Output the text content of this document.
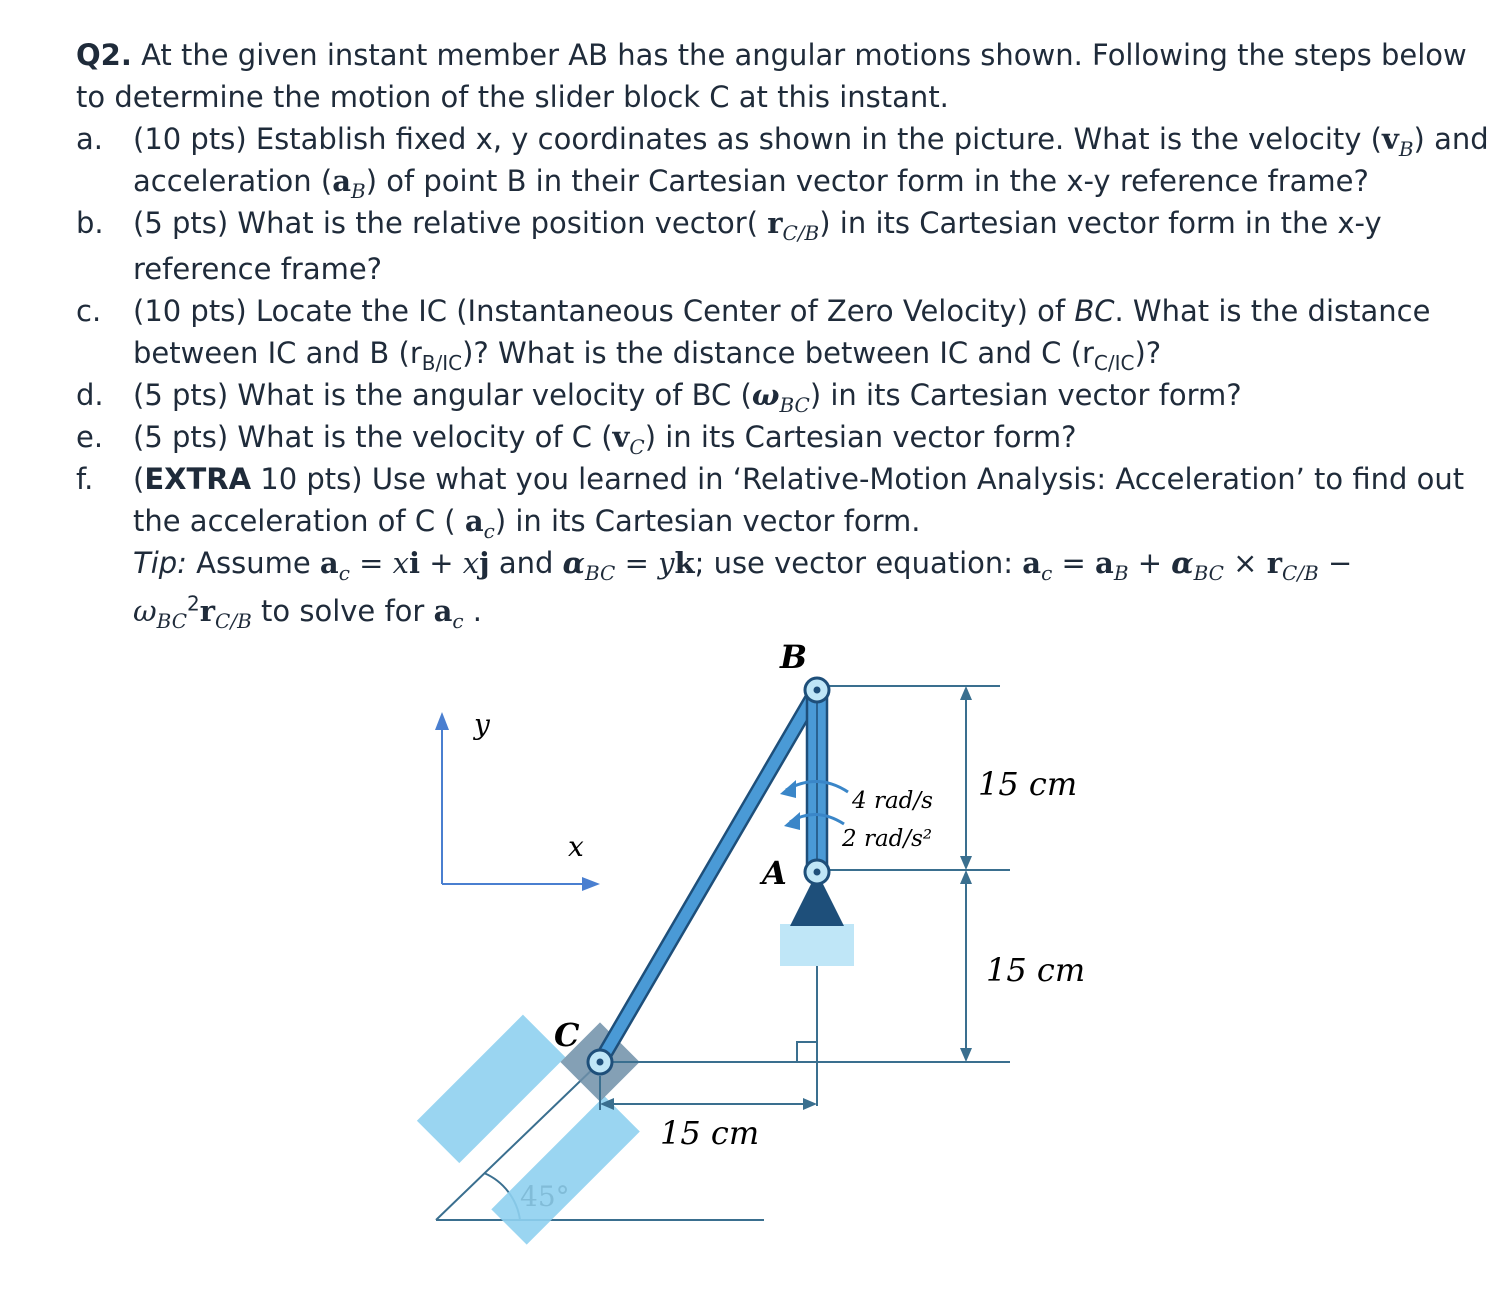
Q2. At the given instant member AB has the angular motions shown. Following the steps below
to determine the motion of the slider block C at this instant.
a. (10 pts) Establish fixed x, y coordinates as shown in the picture. What is the velocity $(v_B)$ and
acceleration $(a_B)$ of point B in their Cartesian vector form in the x-y reference frame?
b. (5 pts) What is the relative position vector( $r_{C/B}$) in its Cartesian vector form in the x-y
reference frame?
c. (10 pts) Locate the IC (Instantaneous Center of Zero Velocity) of BC. What is the distance
between IC and B $(r_{B/IC})$? What is the distance between IC and C $(r_{C/IC})$?
d. (5 pts) What is the angular velocity of BC $(\omega_{BC})$ in its Cartesian vector form?
e. (5 pts) What is the velocity of C $(v_C)$ in its Cartesian vector form?
f. (EXTRA 10 pts) Use what you learned in ‘Relative-Motion Analysis: Acceleration’ to find out
the acceleration of C ( $a_c$) in its Cartesian vector form.
Tip: Assume $a_c$ = xi + xj and $\alpha_{BC}$ = yk; use vector equation: $a_c = a_B + \alpha_{BC} \times r_{C/B}$ −
$\omega_{BC}^2r_{C/B}$ to solve for $a_c$ .
y
x
15 cm
15 cm
15 cm
B
A
C
4 rad/s
2 rad/s²
